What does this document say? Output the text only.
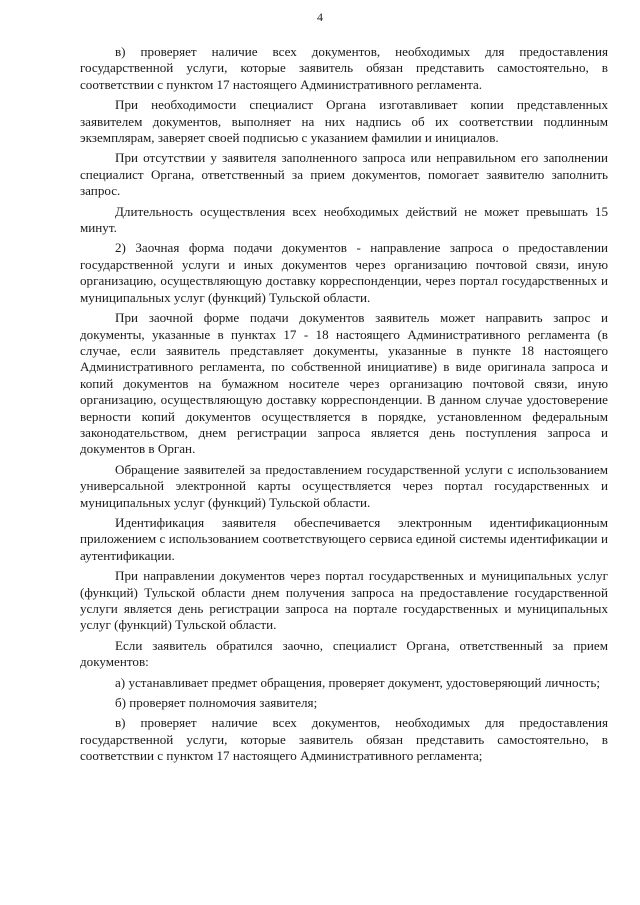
4

в) проверяет наличие всех документов, необходимых для предоставления государственной услуги, которые заявитель обязан представить самостоятельно, в соответствии с пунктом 17 настоящего Административного регламента.

При необходимости специалист Органа изготавливает копии представленных заявителем документов, выполняет на них надпись об их соответствии подлинным экземплярам, заверяет своей подписью с указанием фамилии и инициалов.

При отсутствии у заявителя заполненного запроса или неправильном его заполнении специалист Органа, ответственный за прием документов, помогает заявителю заполнить запрос.

Длительность осуществления всех необходимых действий не может превышать 15 минут.

2) Заочная форма подачи документов - направление запроса о предоставлении государственной услуги и иных документов через организацию почтовой связи, иную организацию, осуществляющую доставку корреспонденции, через портал государственных и муниципальных услуг (функций) Тульской области.

При заочной форме подачи документов заявитель может направить запрос и документы, указанные в пунктах 17 - 18 настоящего Административного регламента (в случае, если заявитель представляет документы, указанные в пункте 18 настоящего Административного регламента, по собственной инициативе) в виде оригинала запроса и копий документов на бумажном носителе через организацию почтовой связи, иную организацию, осуществляющую доставку корреспонденции. В данном случае удостоверение верности копий документов осуществляется в порядке, установленном федеральным законодательством, днем регистрации запроса является день поступления запроса и документов в Орган.

Обращение заявителей за предоставлением государственной услуги с использованием универсальной электронной карты осуществляется через портал государственных и муниципальных услуг (функций) Тульской области.

Идентификация заявителя обеспечивается электронным идентификационным приложением с использованием соответствующего сервиса единой системы идентификации и аутентификации.

При направлении документов через портал государственных и муниципальных услуг (функций) Тульской области днем получения запроса на предоставление государственной услуги является день регистрации запроса на портале государственных и муниципальных услуг (функций) Тульской области.

Если заявитель обратился заочно, специалист Органа, ответственный за прием документов:

а) устанавливает предмет обращения, проверяет документ, удостоверяющий личность;

б) проверяет полномочия заявителя;

в) проверяет наличие всех документов, необходимых для предоставления государственной услуги, которые заявитель обязан представить самостоятельно, в соответствии с пунктом 17 настоящего Административного регламента;
